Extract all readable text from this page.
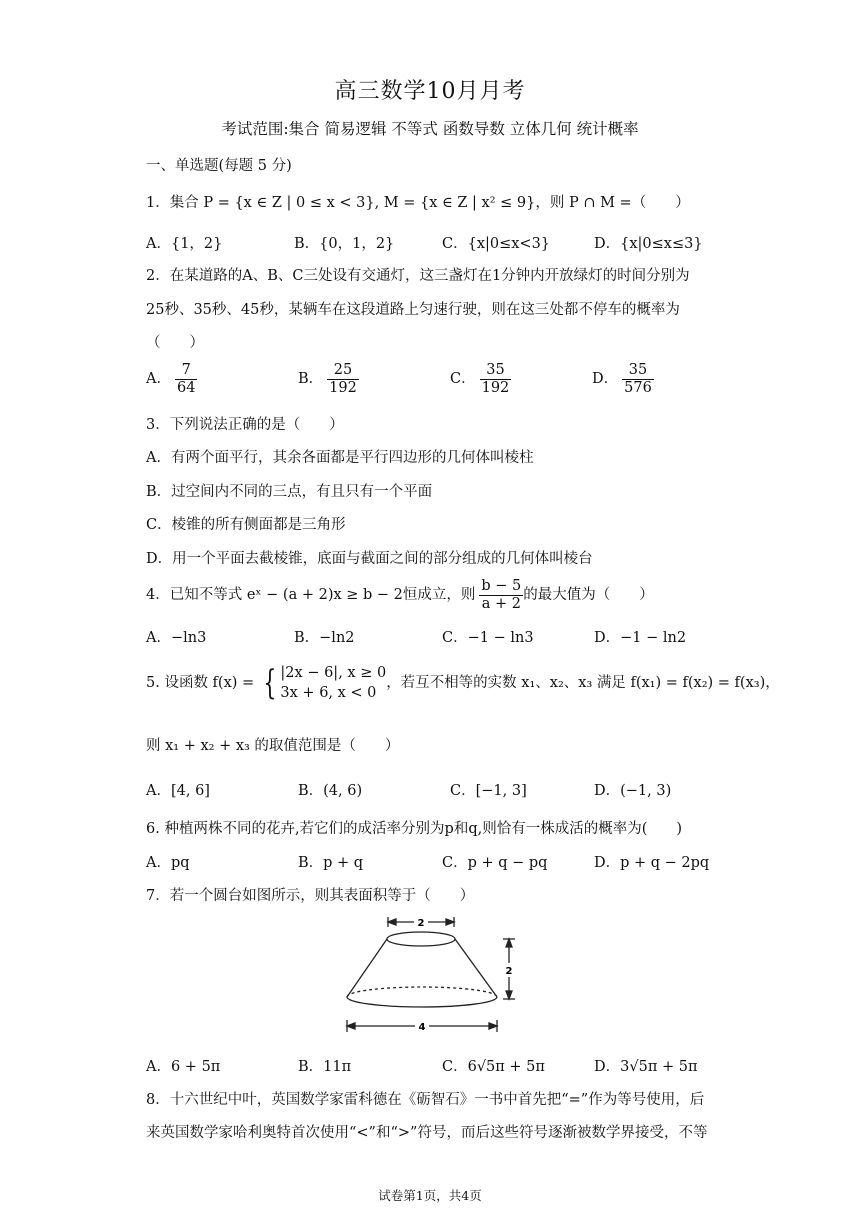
高三数学10月月考
考试范围:集合 简易逻辑 不等式 函数导数 立体几何 统计概率
一、单选题(每题 5 分)
1．集合 P = {x ∈ Z | 0 ≤ x < 3}, M = {x ∈ Z | x² ≤ 9}，则 P ∩ M =（　　）
A．{1，2}	B．{0，1，2}	C．{x|0≤x<3}	D．{x|0≤x≤3}
2．在某道路的A、B、C三处设有交通灯，这三盏灯在1分钟内开放绿灯的时间分别为
25秒、35秒、45秒，某辆车在这段道路上匀速行驶，则在这三处都不停车的概率为
（　　）
A． $\frac{7}{64}$	B． $\frac{25}{192}$	C． $\frac{35}{192}$	D． $\frac{35}{576}$
3．下列说法正确的是（　　）
A．有两个面平行，其余各面都是平行四边形的几何体叫棱柱
B．过空间内不同的三点，有且只有一个平面
C．棱锥的所有侧面都是三角形
D．用一个平面去截棱锥，底面与截面之间的部分组成的几何体叫棱台
4．已知不等式 eˣ − (a + 2)x ≥ b − 2恒成立，则 $\frac{b - 5}{a + 2}$ 的最大值为（　　）
A．−ln3	B．−ln2	C．−1 − ln3	D．−1 − ln2
5. 设函数 f(x) = { |2x − 6|, x ≥ 0
3x + 6, x < 0
，若互不相等的实数 x₁、x₂、x₃ 满足 f(x₁) = f(x₂) = f(x₃)，
则 x₁ + x₂ + x₃ 的取值范围是（　　）
A．[4, 6]	B．(4, 6)	C．[−1, 3]	D．(−1, 3)
6. 种植两株不同的花卉,若它们的成活率分别为p和q,则恰有一株成活的概率为(　　)
A．pq	B．p + q	C．p + q − pq	D．p + q − 2pq
7．若一个圆台如图所示，则其表面积等于（　　）
2
2
4
A．6 + 5π	B．11π	C．6√5π + 5π	D．3√5π + 5π
8．十六世纪中叶，英国数学家雷科德在《砺智石》一书中首先把“=”作为等号使用，后
来英国数学家哈利奥特首次使用“<”和“>”符号，而后这些符号逐渐被数学界接受，不等
试卷第1页，共4页
